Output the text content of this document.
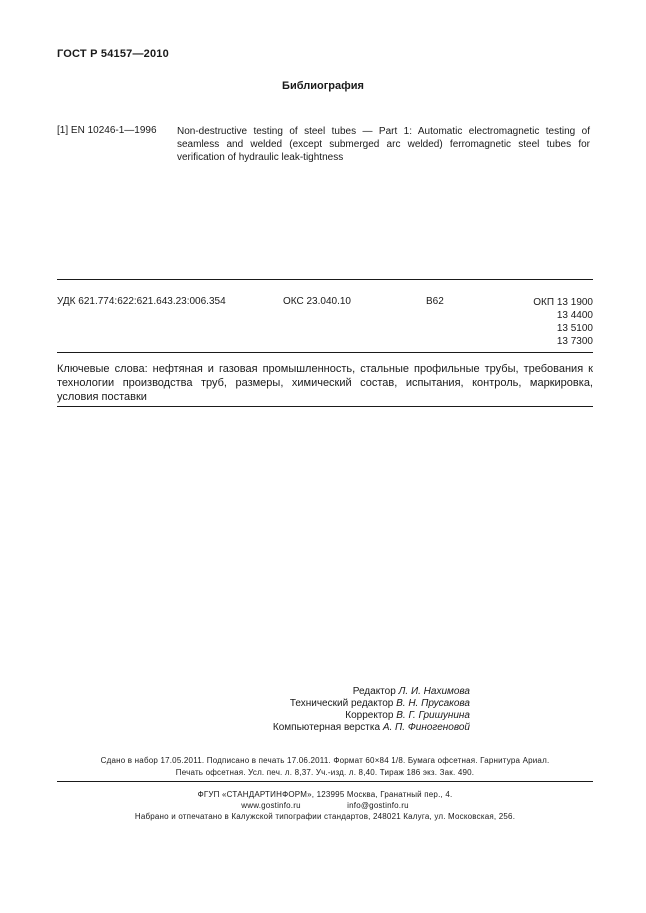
ГОСТ Р 54157—2010
Библиография
[1] EN 10246-1—1996 Non-destructive testing of steel tubes — Part 1: Automatic electromagnetic testing of seamless and welded (except submerged arc welded) ferromagnetic steel tubes for verification of hydraulic leak-tightness
УДК 621.774:622:621.643.23:006.354	ОКС 23.040.10	В62	ОКП 13 1900
13 4400
13 5100
13 7300
Ключевые слова: нефтяная и газовая промышленность, стальные профильные трубы, требования к технологии производства труб, размеры, химический состав, испытания, контроль, маркировка, условия поставки
Редактор Л. И. Нахимова
Технический редактор В. Н. Прусакова
Корректор В. Г. Гришунина
Компьютерная верстка А. П. Финогеновой
Сдано в набор 17.05.2011. Подписано в печать 17.06.2011. Формат 60×84 1/8. Бумага офсетная. Гарнитура Ариал.
Печать офсетная. Усл. печ. л. 8,37. Уч.-изд. л. 8,40. Тираж 186 экз. Зак. 490.
ФГУП «СТАНДАРТИНФОРМ», 123995 Москва, Гранатный пер., 4.
www.gostinfo.ru	info@gostinfo.ru
Набрано и отпечатано в Калужской типографии стандартов, 248021 Калуга, ул. Московская, 256.
